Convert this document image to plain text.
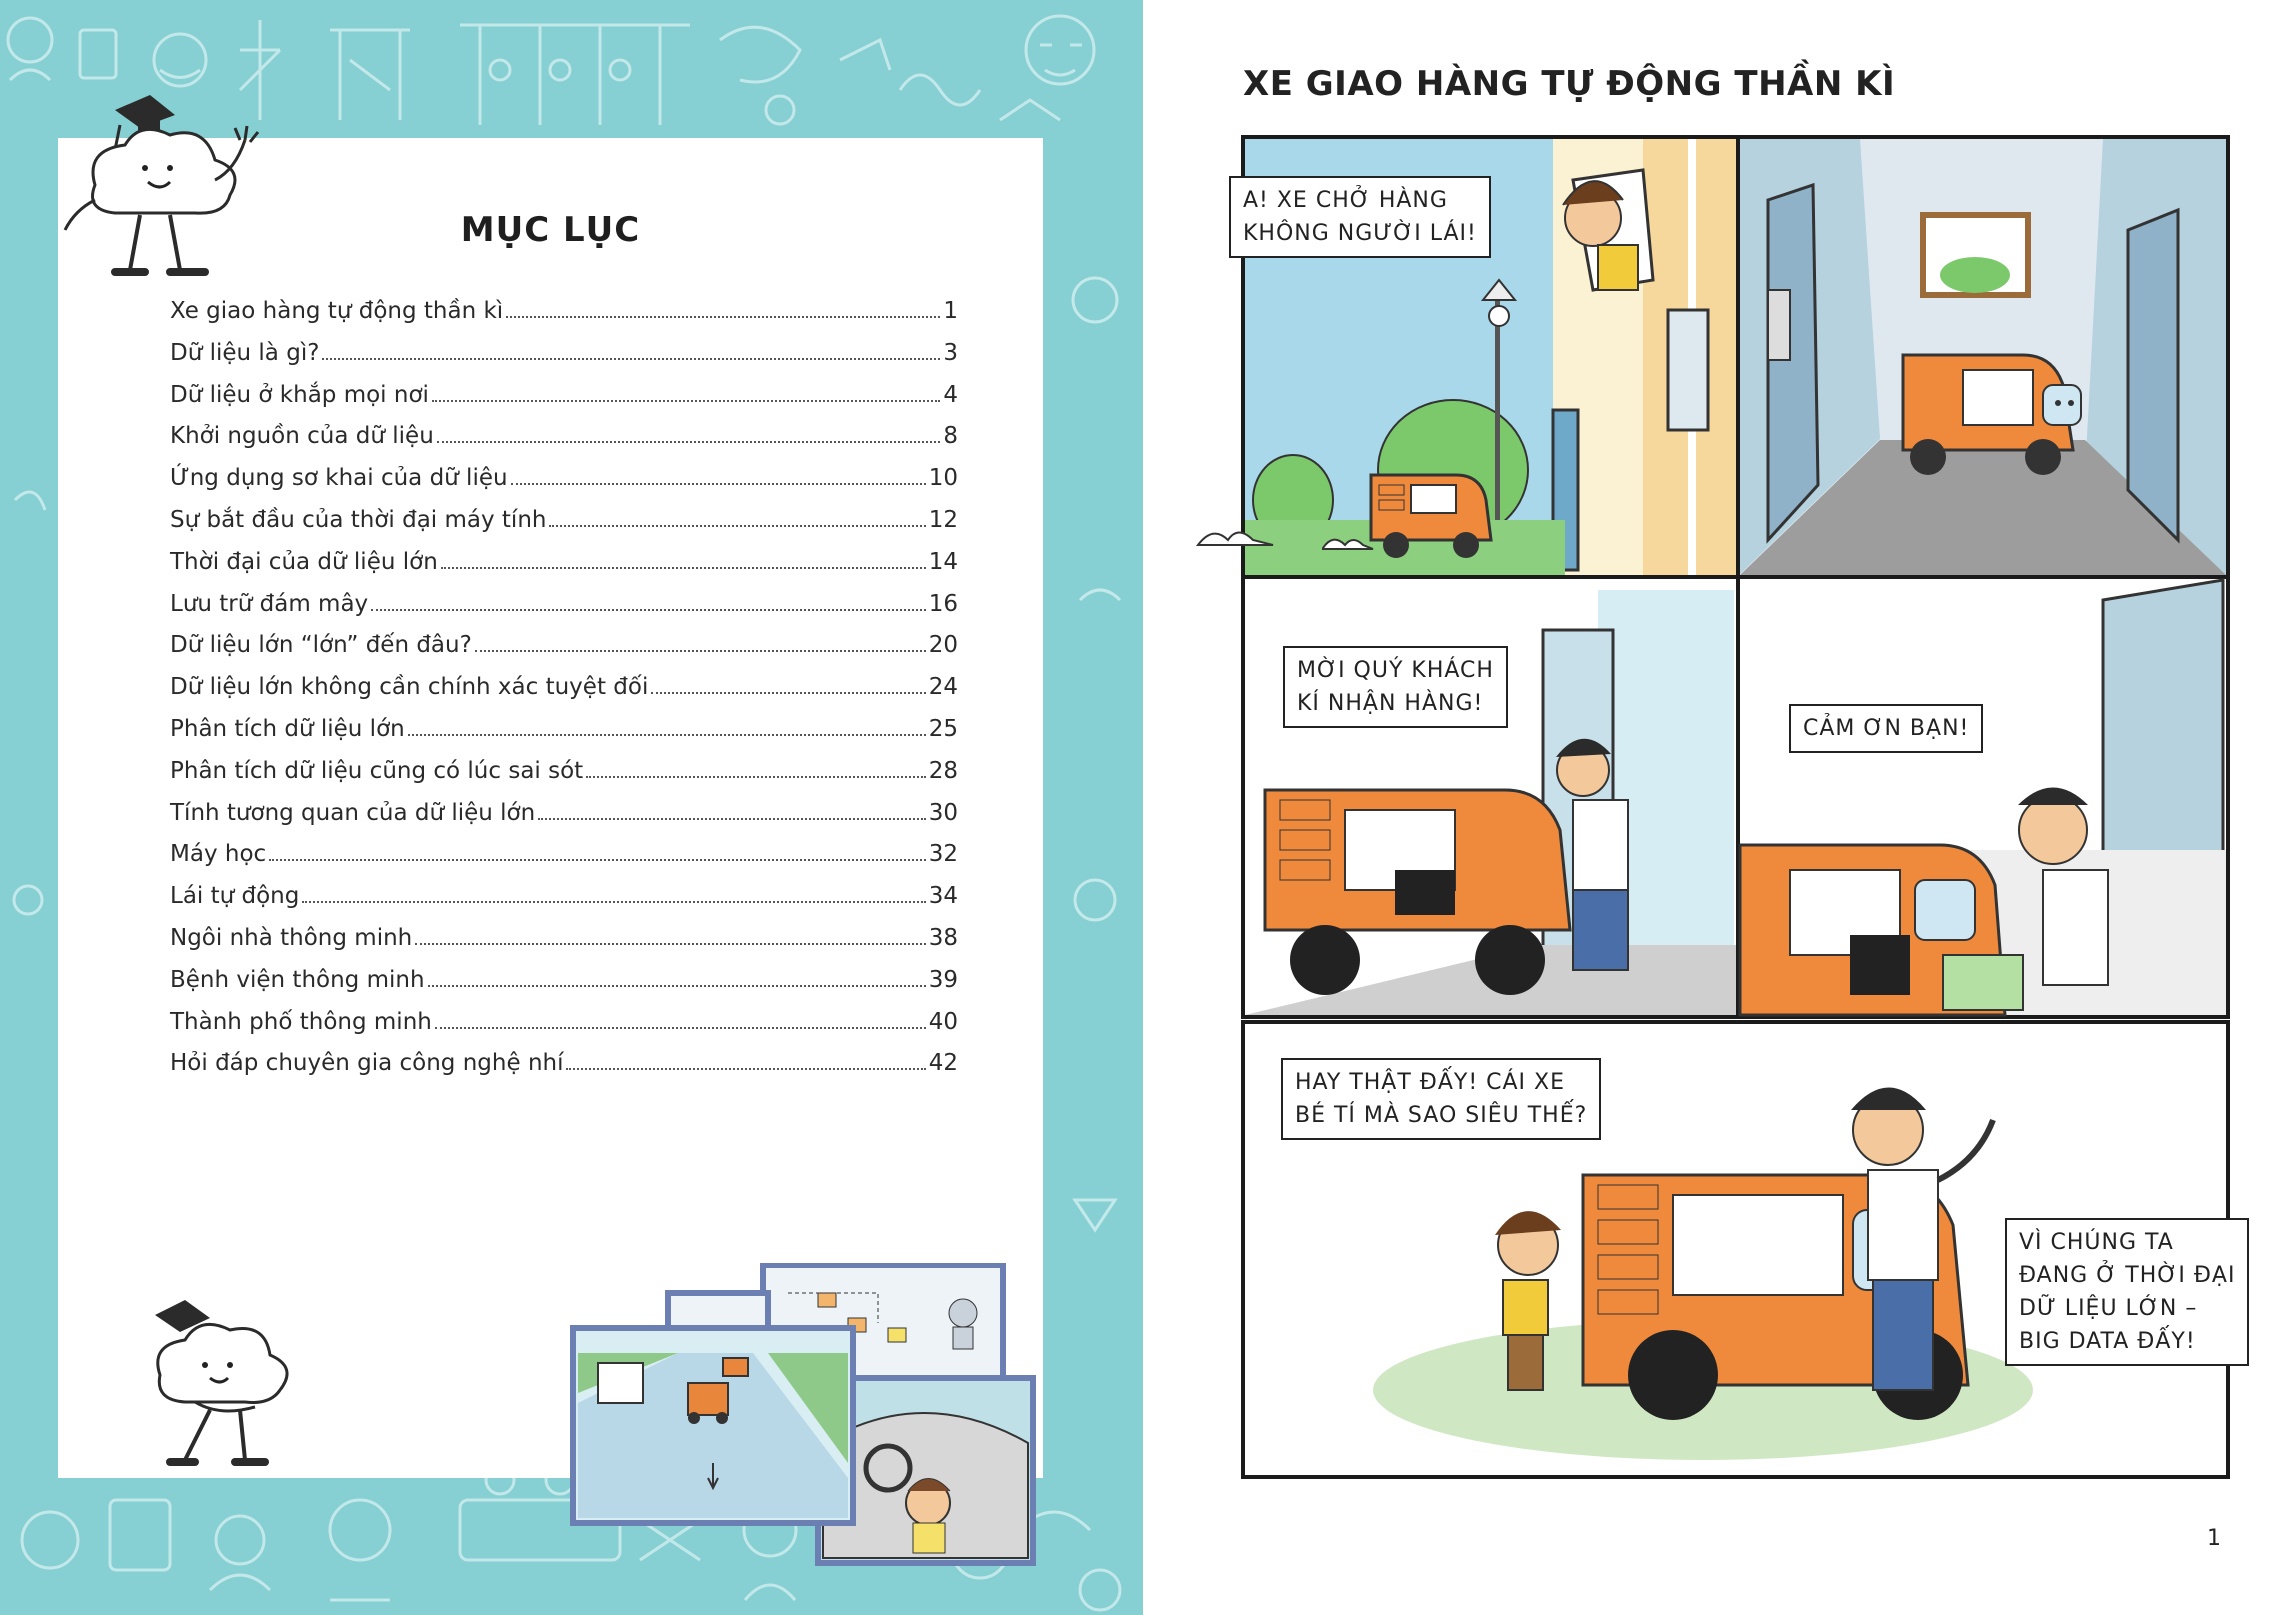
MỤC LỤC
Xe giao hàng tự động thần kì	1
Dữ liệu là gì?	3
Dữ liệu ở khắp mọi nơi	4
Khởi nguồn của dữ liệu	8
Ứng dụng sơ khai của dữ liệu	10
Sự bắt đầu của thời đại máy tính	12
Thời đại của dữ liệu lớn	14
Lưu trữ đám mây	16
Dữ liệu lớn “lớn” đến đâu?	20
Dữ liệu lớn không cần chính xác tuyệt đối	24
Phân tích dữ liệu lớn	25
Phân tích dữ liệu cũng có lúc sai sót	28
Tính tương quan của dữ liệu lớn	30
Máy học	32
Lái tự động	34
Ngôi nhà thông minh	38
Bệnh viện thông minh	39
Thành phố thông minh	40
Hỏi đáp chuyên gia công nghệ nhí	42
XE GIAO HÀNG TỰ ĐỘNG THẦN KÌ
A! XE CHỞ HÀNG
KHÔNG NGƯỜI LÁI!
MỜI QUÝ KHÁCH
KÍ NHẬN HÀNG!
CẢM ƠN BẠN!
HAY THẬT ĐẤY! CÁI XE
BÉ TÍ MÀ SAO SIÊU THẾ?
VÌ CHÚNG TA
ĐANG Ở THỜI ĐẠI
DỮ LIỆU LỚN –
BIG DATA ĐẤY!
1
